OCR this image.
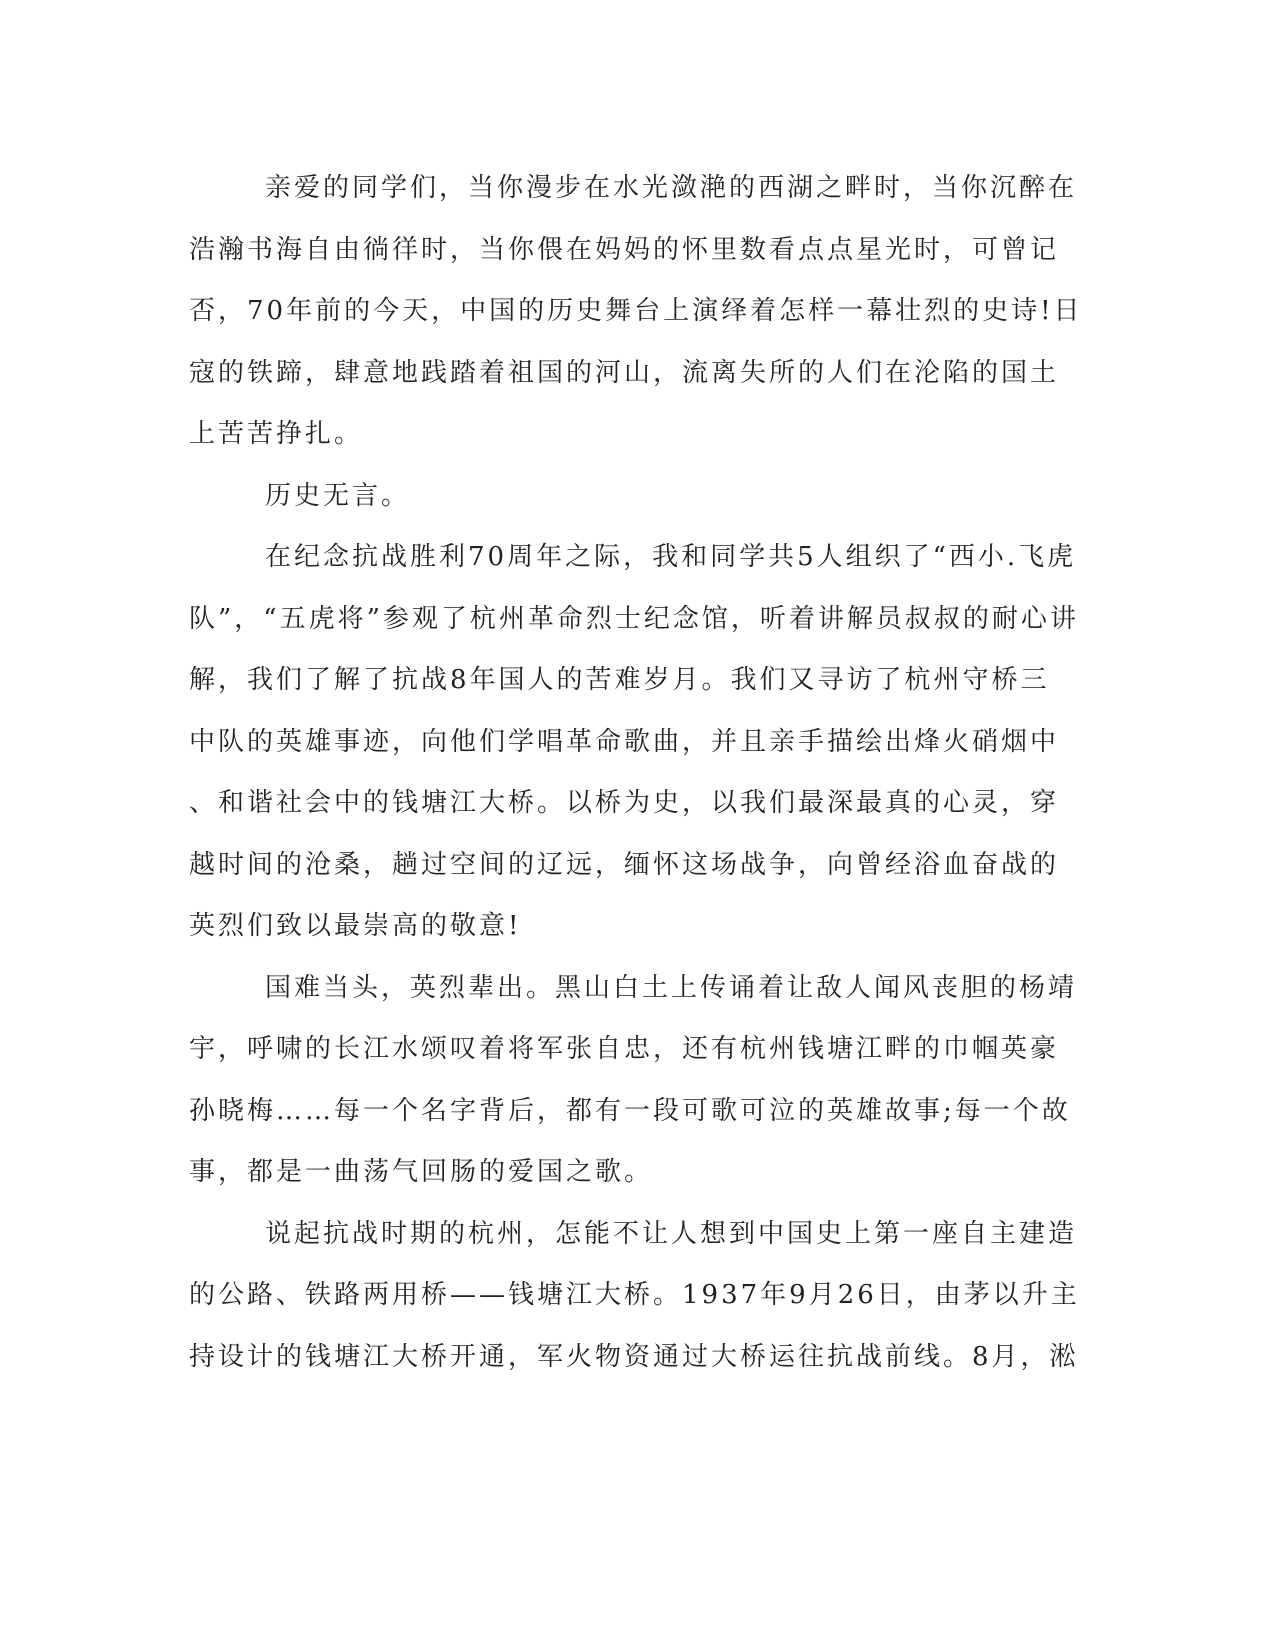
亲爱的同学们，当你漫步在水光潋滟的西湖之畔时，当你沉醉在
浩瀚书海自由徜徉时，当你偎在妈妈的怀里数看点点星光时，可曾记
否，70年前的今天，中国的历史舞台上演绎着怎样一幕壮烈的史诗!日
寇的铁蹄，肆意地践踏着祖国的河山，流离失所的人们在沦陷的国土
上苦苦挣扎。
历史无言。
在纪念抗战胜利70周年之际，我和同学共5人组织了“西小.飞虎
队”，“五虎将”参观了杭州革命烈士纪念馆，听着讲解员叔叔的耐心讲
解，我们了解了抗战8年国人的苦难岁月。我们又寻访了杭州守桥三
中队的英雄事迹，向他们学唱革命歌曲，并且亲手描绘出烽火硝烟中
、和谐社会中的钱塘江大桥。以桥为史，以我们最深最真的心灵，穿
越时间的沧桑，趟过空间的辽远，缅怀这场战争，向曾经浴血奋战的
英烈们致以最崇高的敬意!
国难当头，英烈辈出。黑山白土上传诵着让敌人闻风丧胆的杨靖
宇，呼啸的长江水颂叹着将军张自忠，还有杭州钱塘江畔的巾帼英豪
孙晓梅……每一个名字背后，都有一段可歌可泣的英雄故事;每一个故
事，都是一曲荡气回肠的爱国之歌。
说起抗战时期的杭州，怎能不让人想到中国史上第一座自主建造
的公路、铁路两用桥——钱塘江大桥。1937年9月26日，由茅以升主
持设计的钱塘江大桥开通，军火物资通过大桥运往抗战前线。8月，淞
